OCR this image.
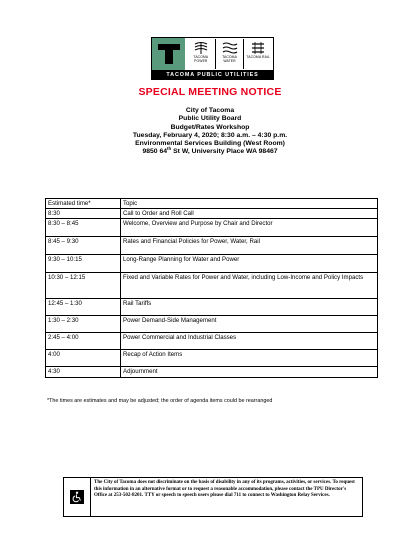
TACOMA POWER
TACOMA WATER
TACOMA RAIL
TACOMA PUBLIC UTILITIES
SPECIAL MEETING NOTICE
City of Tacoma
Public Utility Board
Budget/Rates Workshop
Tuesday, February 4, 2020; 8:30 a.m. – 4:30 p.m.
Environmental Services Building (West Room)
9850 64th St W, University Place WA 98467
Estimated time*	Topic
8:30	Call to Order and Roll Call
8:30 – 8:45	Welcome, Overview and Purpose by Chair and Director
8:45 – 9:30	Rates and Financial Policies for Power, Water, Rail
9:30 – 10:15	Long-Range Planning for Water and Power
10:30 – 12:15	Fixed and Variable Rates for Power and Water, including Low-Income and Policy Impacts
12:45 – 1:30	Rail Tariffs
1:30 – 2:30	Power Demand-Side Management
2:45 – 4:00	Power Commercial and Industrial Classes
4:00	Recap of Action Items
4:30	Adjournment
*The times are estimates and may be adjusted; the order of agenda items could be rearranged
The City of Tacoma does not discriminate on the basis of disability in any of its programs, activities, or services. To request this information in an alternative format or to request a reasonable accommodation, please contact the TPU Director's Office at 253-502-8201. TTY or speech to speech users please dial 711 to connect to Washington Relay Services.
